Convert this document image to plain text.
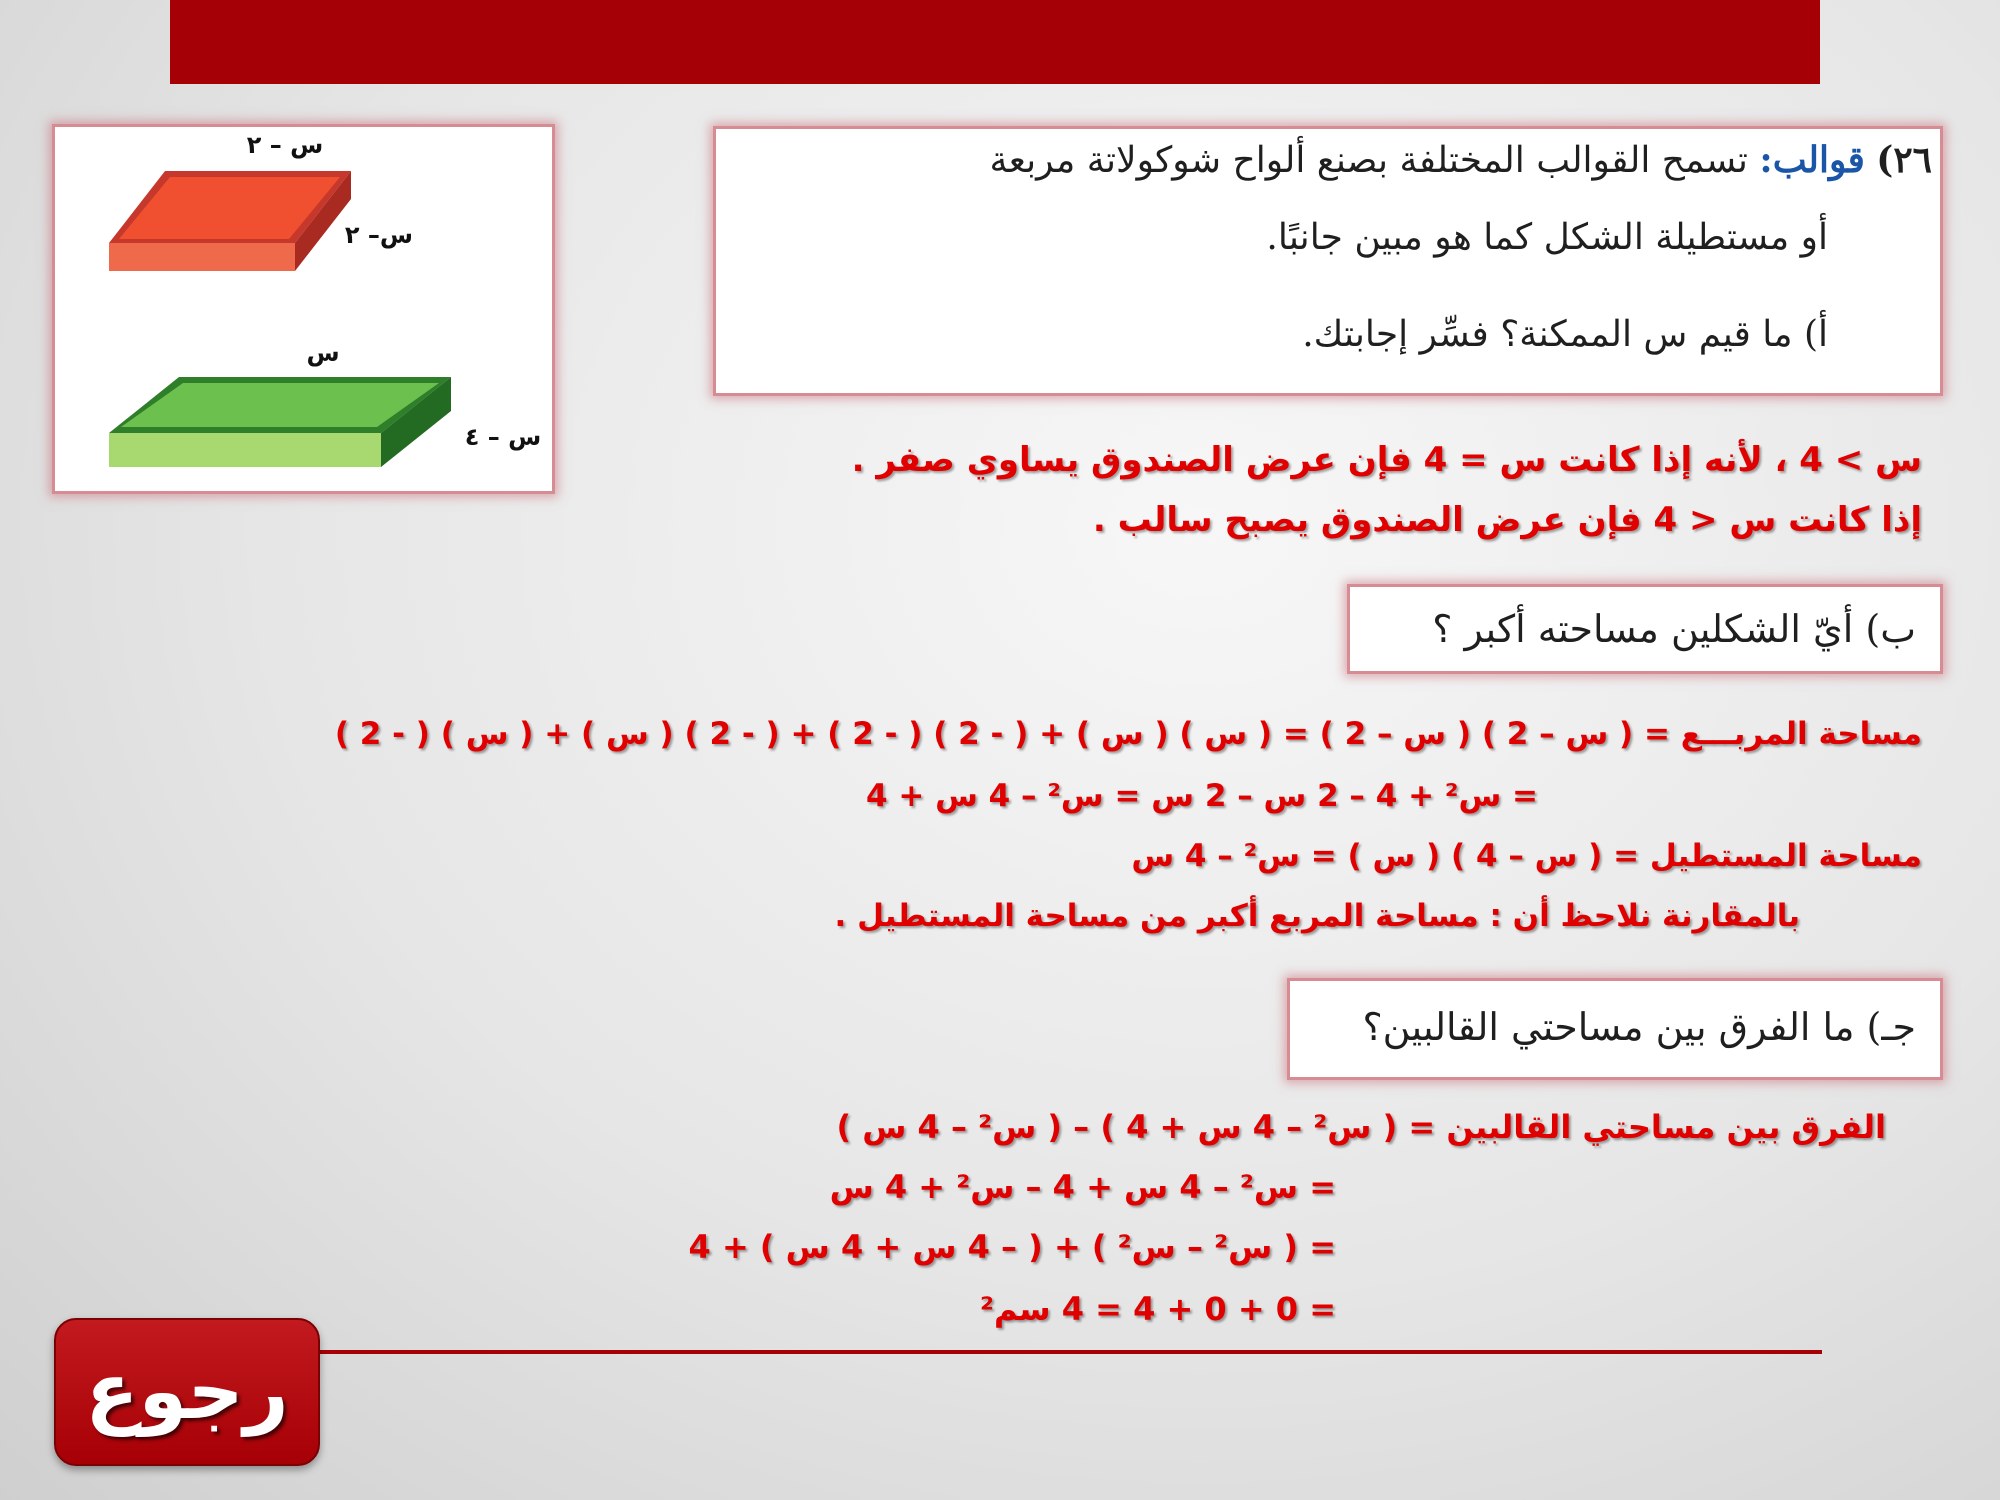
س – ٢
س– ٢
س
س – ٤
٢٦) قوالب: تسمح القوالب المختلفة بصنع ألواح شوكولاتة مربعة
أو مستطيلة الشكل كما هو مبين جانبًا.
أ) ما قيم س الممكنة؟ فسِّر إجابتك.
س > 4 ، لأنه إذا كانت س = 4 فإن عرض الصندوق يساوي صفر .
إذا كانت س < 4 فإن عرض الصندوق يصبح سالب .
ب) أيّ الشكلين مساحته أكبر ؟
مساحة المربـــع = ( س – 2 ) ( س – 2 ) = ( س ) ( س ) + ( - 2 ) ( - 2 ) + ( - 2 ) ( س ) + ( س ) ( - 2 )
= س² + 4 – 2 س – 2 س = س² – 4 س + 4
مساحة المستطيل = ( س – 4 ) ( س ) = س² – 4 س
بالمقارنة نلاحظ أن : مساحة المربع أكبر من مساحة المستطيل .
جـ) ما الفرق بين مساحتي القالبين؟
الفرق بين مساحتي القالبين = ( س² – 4 س + 4 ) – ( س² – 4 س )
= س² – 4 س + 4 – س² + 4 س
= ( س² – س² ) + ( – 4 س + 4 س ) + 4
= 0 + 0 + 4 = 4 سم²
رجوع
